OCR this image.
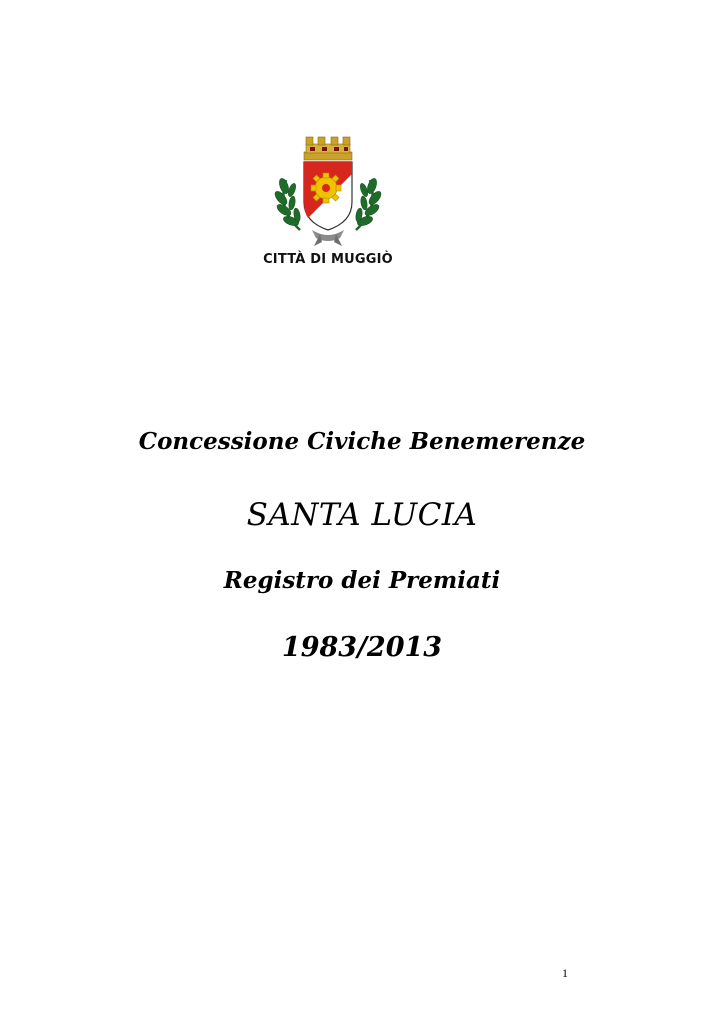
CITTÀ DI MUGGIÒ
Concessione Civiche Benemerenze
SANTA LUCIA
Registro dei Premiati
1983/2013
1
